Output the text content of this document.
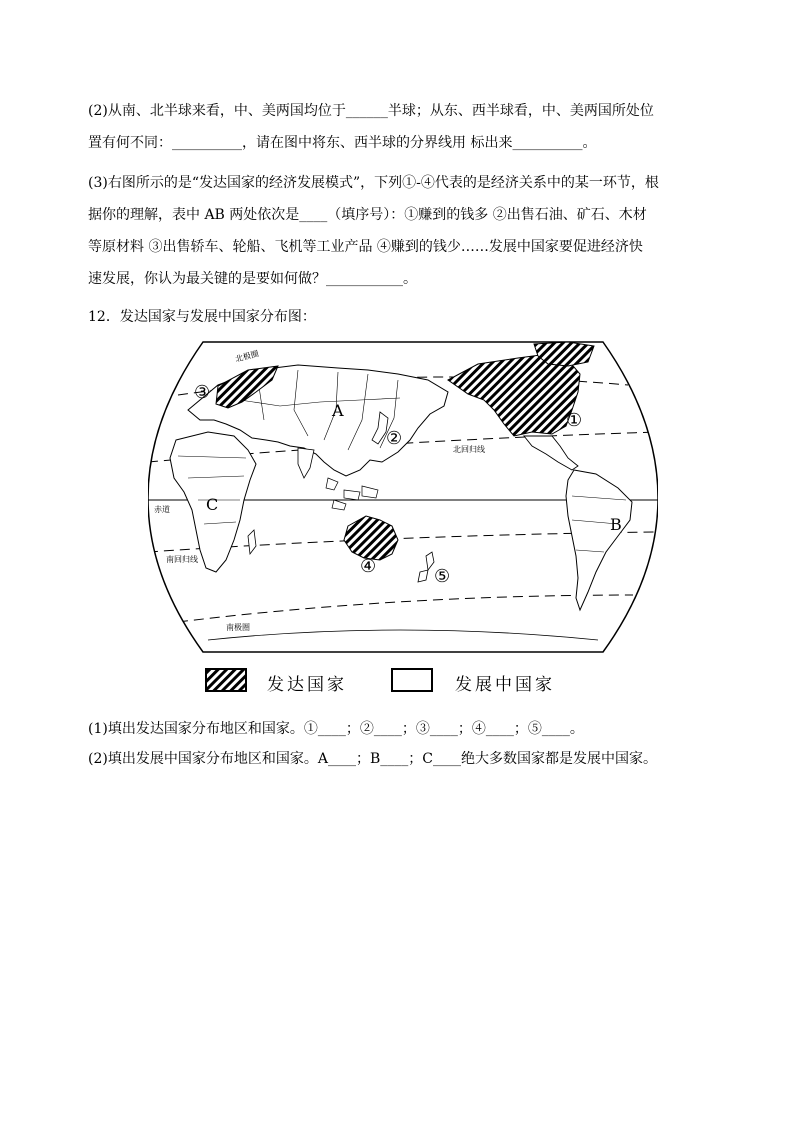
(2)从南、北半球来看，中、美两国均位于______半球；从东、西半球看，中、美两国所处位
置有何不同：__________，请在图中将东、西半球的分界线用 标出来__________。
(3)右图所示的是“发达国家的经济发展模式”，下列①-④代表的是经济关系中的某一环节，根
据你的理解，表中 AB 两处依次是____（填序号）：①赚到的钱多 ②出售石油、矿石、木材
等原材料 ③出售轿车、轮船、飞机等工业产品 ④赚到的钱少……发展中国家要促进经济快
速发展，你认为最关键的是要如何做？___________。
12．发达国家与发展中国家分布图：
北极圈
北回归线
赤道
南回归线
南极圈
①
②
③
④	⑤
A
B
C
发达国家	发展中国家
(1)填出发达国家分布地区和国家。①____；②____；③____；④____；⑤____。
(2)填出发展中国家分布地区和国家。A____；B____；C____绝大多数国家都是发展中国家。
